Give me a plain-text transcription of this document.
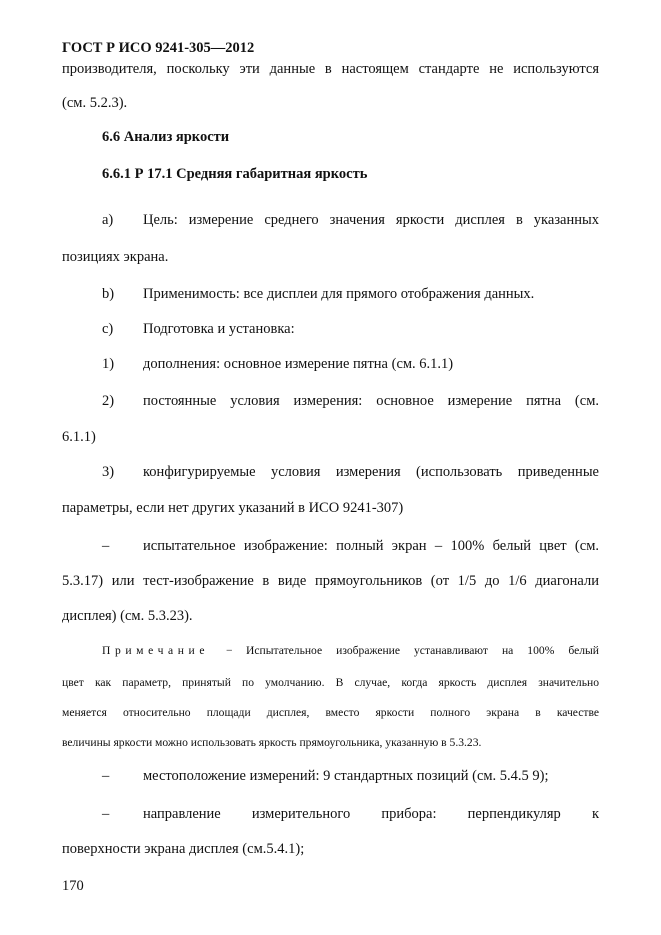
ГОСТ Р ИСО 9241-305—2012
производителя, поскольку эти данные в настоящем стандарте не используются
(см. 5.2.3).
6.6 Анализ яркости
6.6.1 Р 17.1 Средняя габаритная яркость
а) Цель: измерение среднего значения яркости дисплея в указанных
позициях экрана.
b) Применимость: все дисплеи для прямого отображения данных.
c) Подготовка и установка:
1) дополнения: основное измерение пятна (см. 6.1.1)
2) постоянные условия измерения: основное измерение пятна (см.
6.1.1)
3) конфигурируемые условия измерения (использовать приведенные
параметры, если нет других указаний в ИСО 9241-307)
– испытательное изображение: полный экран – 100% белый цвет (см.
5.3.17) или тест-изображение в виде прямоугольников (от 1/5 до 1/6 диагонали
дисплея) (см. 5.3.23).
Примечание − Испытательное изображение устанавливают на 100% белый
цвет как параметр, принятый по умолчанию. В случае, когда яркость дисплея значительно
меняется относительно площади дисплея, вместо яркости полного экрана в качестве
величины яркости можно использовать яркость прямоугольника, указанную в 5.3.23.
– местоположение измерений: 9 стандартных позиций (см. 5.4.5 9);
– направление измерительного прибора: перпендикуляр к
поверхности экрана дисплея (см.5.4.1);
170
